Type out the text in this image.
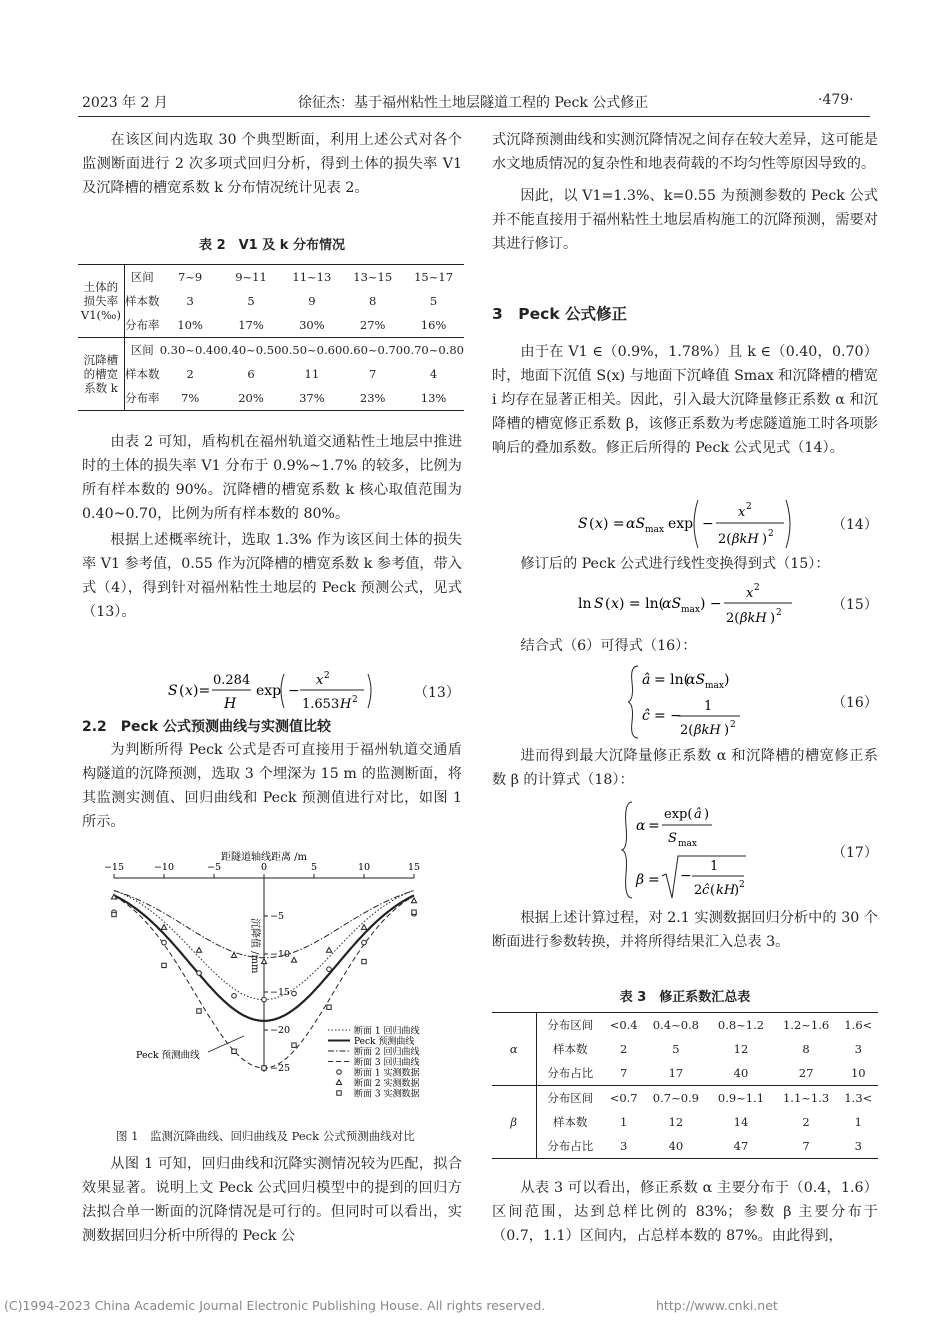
2023 年 2 月	徐征杰：基于福州粘性土地层隧道工程的 Peck 公式修正	·479·

在该区间内选取 30 个典型断面，利用上述公式对各个监测断面进行 2 次多项式回归分析，得到土体的损失率 V1 及沉降槽的槽宽系数 k 分布情况统计见表 2。

表 2　V1 及 k 分布情况
土体的损失率V1(‰)	区间	7~9	9~11	11~13	13~15	15~17
	样本数	3	5	9	8	5
	分布率	10%	17%	30%	27%	16%
沉降槽的槽宽系数 k	区间	0.30~0.40	0.40~0.50	0.50~0.60	0.60~0.70	0.70~0.80
	样本数	2	6	11	7	4
	分布率	7%	20%	37%	23%	13%

由表 2 可知，盾构机在福州轨道交通粘性土地层中推进时的土体的损失率 V1 分布于 0.9%~1.7% 的较多，比例为所有样本数的 90%。沉降槽的槽宽系数 k 核心取值范围为 0.40~0.70，比例为所有样本数的 80%。

根据上述概率统计，选取 1.3% 作为该区间土体的损失率 V1 参考值，0.55 作为沉降槽的槽宽系数 k 参考值，带入式（4），得到针对福州粘性土地层的 Peck 预测公式，见式（13）。

S ( x )=
0.284
H
exp −
x 2
1.653 H 2	（13）
2.2　Peck 公式预测曲线与实测值比较

为判断所得 Peck 公式是否可直接用于福州轨道交通盾构隧道的沉降预测，选取 3 个埋深为 15 m 的监测断面，将其监测实测值、回归曲线和 Peck 预测值进行对比，如图 1 所示。

距隧道轴线距离 /m
−15	−10	−5	0	5	10	15
−5
−10
−15
−20
−25
沉降值 /mm
Peck 预测曲线
断面 1 回归曲线
Peck 预测曲线
断面 2 回归曲线
断面 3 回归曲线
断面 1 实测数据
断面 2 实测数据
断面 3 实测数据
图 1　监测沉降曲线、回归曲线及 Peck 公式预测曲线对比

从图 1 可知，回归曲线和沉降实测情况较为匹配，拟合效果显著。说明上文 Peck 公式回归模型中的提到的回归方法拟合单一断面的沉降情况是可行的。但同时可以看出，实测数据回归分析中所得的 Peck 公

式沉降预测曲线和实测沉降情况之间存在较大差异，这可能是水文地质情况的复杂性和地表荷载的不均匀性等原因导致的。

因此，以 V1=1.3%、k=0.55 为预测参数的 Peck 公式并不能直接用于福州粘性土地层盾构施工的沉降预测，需要对其进行修订。

3　Peck 公式修正

由于在 V1 ∈（0.9%，1.78%）且 k ∈（0.40，0.70）时，地面下沉值 S(x) 与地面下沉峰值 Smax 和沉降槽的槽宽 i 均存在显著正相关。因此，引入最大沉降量修正系数 α 和沉降槽的槽宽修正系数 β，该修正系数为考虑隧道施工时各项影响后的叠加系数。修正后所得的 Peck 公式见式（14）。

S ( x ) = αS max exp −
x 2
2( βkH ) 2
（14）

修订后的 Peck 公式进行线性变换得到式（15）：

ln S ( x ) = ln(
αS max ) −
x 2
2( βkH ) 2	（15）

结合式（6）可得式（16）：

â = ln(
αS max )
ĉ = −
1
2( βkH ) 2
（16）

进而得到最大沉降量修正系数 α 和沉降槽的槽宽修正系数 β 的计算式（18）：

α =
exp( â )
S max
β = −
1
2 ĉ ( kH
) 2
（17）

根据上述计算过程，对 2.1 实测数据回归分析中的 30 个断面进行参数转换，并将所得结果汇入总表 3。

表 3　修正系数汇总表
α	分布区间	<0.4	0.4~0.8	0.8~1.2	1.2~1.6	1.6<
	样本数	2	5	12	8	3
	分布占比	7	17	40	27	10
β	分布区间	<0.7	0.7~0.9	0.9~1.1	1.1~1.3	1.3<
	样本数	1	12	14	2	1
	分布占比	3	40	47	7	3

从表 3 可以看出，修正系数 α 主要分布于（0.4，1.6）区间范围，达到总样比例的 83%；参数 β 主要分布于（0.7，1.1）区间内，占总样本数的 87%。由此得到，

(C)1994-2023 China Academic Journal Electronic Publishing House. All rights reserved.	http://www.cnki.net
